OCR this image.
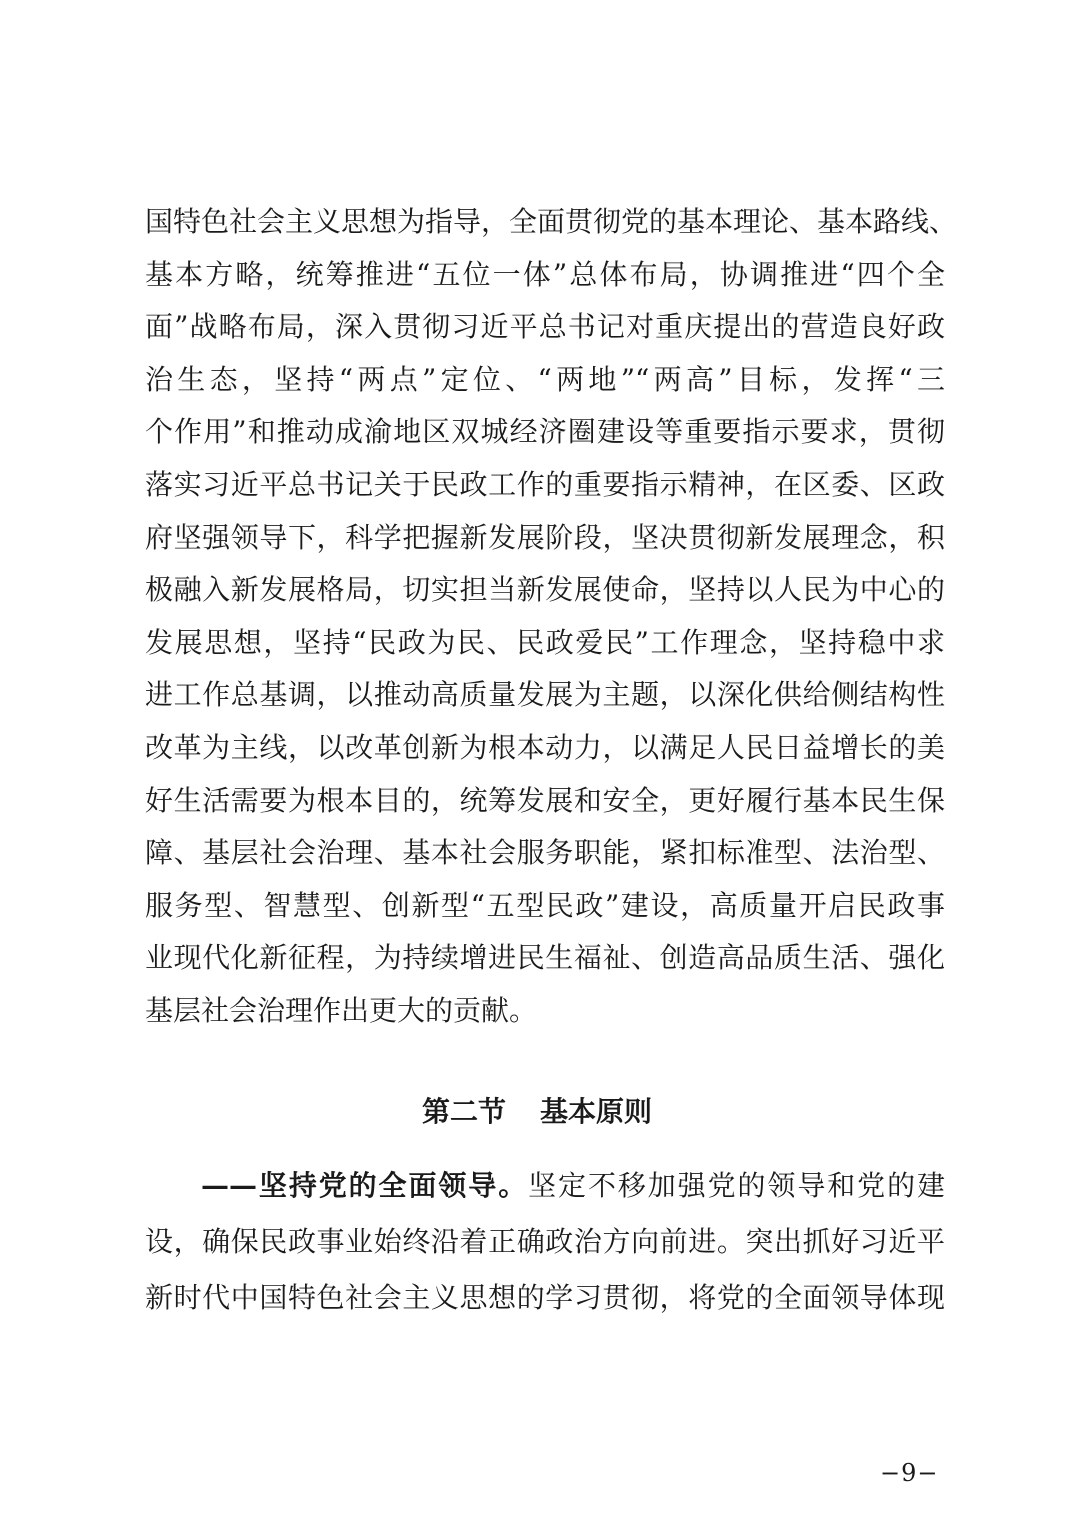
国特色社会主义思想为指导，全面贯彻党的基本理论、基本路线、
基本方略，统筹推进“五位一体”总体布局，协调推进“四个全
面”战略布局，深入贯彻习近平总书记对重庆提出的营造良好政
治生态，坚持“两点”定位、“两地”“两高”目标，发挥“三
个作用”和推动成渝地区双城经济圈建设等重要指示要求，贯彻
落实习近平总书记关于民政工作的重要指示精神，在区委、区政
府坚强领导下，科学把握新发展阶段，坚决贯彻新发展理念，积
极融入新发展格局，切实担当新发展使命，坚持以人民为中心的
发展思想，坚持“民政为民、民政爱民”工作理念，坚持稳中求
进工作总基调，以推动高质量发展为主题，以深化供给侧结构性
改革为主线，以改革创新为根本动力，以满足人民日益增长的美
好生活需要为根本目的，统筹发展和安全，更好履行基本民生保
障、基层社会治理、基本社会服务职能，紧扣标准型、法治型、
服务型、智慧型、创新型“五型民政”建设，高质量开启民政事
业现代化新征程，为持续增进民生福祉、创造高品质生活、强化
基层社会治理作出更大的贡献。
第二节 基本原则
——坚持党的全面领导。坚定不移加强党的领导和党的建
设，确保民政事业始终沿着正确政治方向前进。突出抓好习近平
新时代中国特色社会主义思想的学习贯彻，将党的全面领导体现
−9−
